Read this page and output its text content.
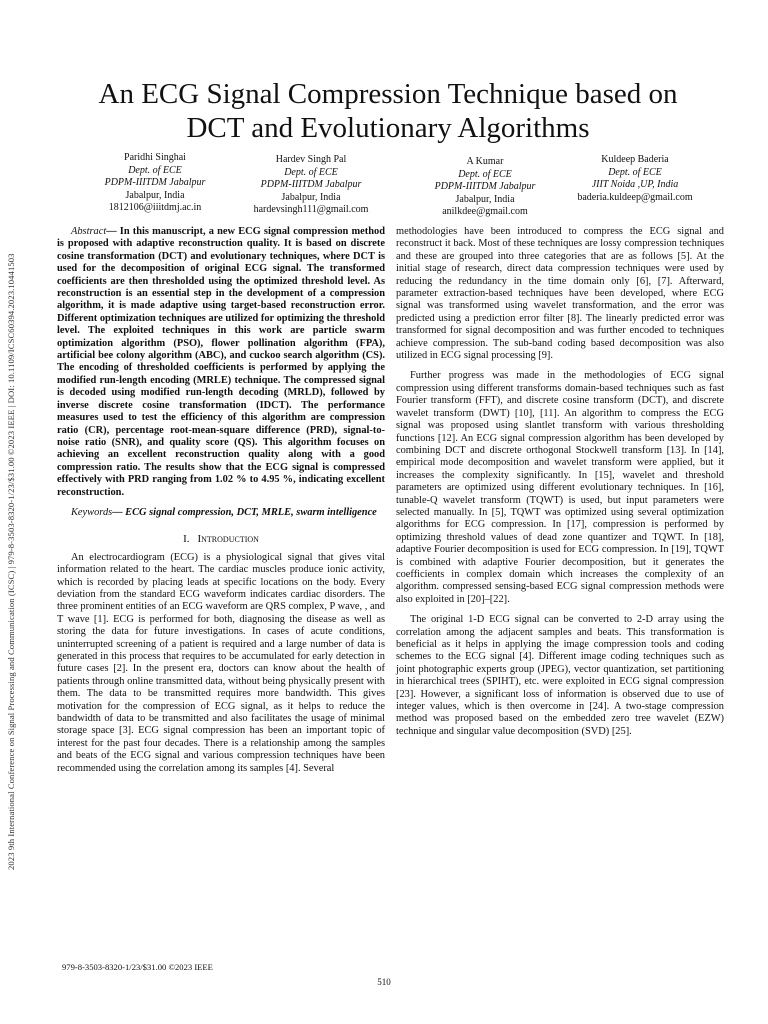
2023 9th International Conference on Signal Processing and Communication (ICSC) | 979-8-3503-8320-1/23/$31.00 ©2023 IEEE | DOI: 10.1109/ICSC60394.2023.10441503
An ECG Signal Compression Technique based on
DCT and Evolutionary Algorithms
Paridhi Singhai
Dept. of ECE
PDPM-IIITDM Jabalpur
Jabalpur, India
1812106@iiitdmj.ac.in
Hardev Singh Pal
Dept. of ECE
PDPM-IIITDM Jabalpur
Jabalpur, India
hardevsingh111@gmail.com
A Kumar
Dept. of ECE
PDPM-IIITDM Jabalpur
Jabalpur, India
anilkdee@gmail.com
Kuldeep Baderia
Dept. of ECE
JIIT Noida ,UP, India
baderia.kuldeep@gmail.com

Abstract— In this manuscript, a new ECG signal compression method is proposed with adaptive reconstruction quality. It is based on discrete cosine transformation (DCT) and evolutionary techniques, where DCT is used for the decomposition of original ECG signal. The transformed coefficients are then thresholded using the optimized threshold level. As reconstruction is an essential step in the development of a compression algorithm, it is made adaptive using target-based reconstruction error. Different optimization techniques are utilized for optimizing the threshold level. The exploited techniques in this work are particle swarm optimization algorithm (PSO), flower pollination algorithm (FPA), artificial bee colony algorithm (ABC), and cuckoo search algorithm (CS). The encoding of thresholded coefficients is performed by applying the modified run-length encoding (MRLE) technique. The compressed signal is decoded using modified run-length decoding (MRLD), followed by inverse discrete cosine transformation (IDCT). The performance measures used to test the efficiency of this algorithm are compression ratio (CR), percentage root-mean-square difference (PRD), signal-to-noise ratio (SNR), and quality score (QS). This algorithm focuses on achieving an excellent reconstruction quality along with a good compression ratio. The results show that the ECG signal is compressed effectively with PRD ranging from 1.02 % to 4.95 %, indicating excellent reconstruction.

Keywords— ECG signal compression, DCT, MRLE, swarm intelligence

I. Introduction

An electrocardiogram (ECG) is a physiological signal that gives vital information related to the heart. The cardiac muscles produce ionic activity, which is recorded by placing leads at specific locations on the body. Every deviation from the standard ECG waveform indicates cardiac disorders. The three prominent entities of an ECG waveform are QRS complex, P wave, , and T wave [1]. ECG is performed for both, diagnosing the disease as well as storing the data for future investigations. In cases of acute conditions, uninterrupted screening of a patient is required and a large number of data is generated in this process that requires to be accumulated for early detection in future cases [2]. In the present era, doctors can know about the health of patients through online transmitted data, without being physically present with them. The data to be transmitted requires more bandwidth. This gives motivation for the compression of ECG signal, as it helps to reduce the bandwidth of data to be transmitted and also facilitates the usage of minimal storage space [3]. ECG signal compression has been an important topic of interest for the past four decades. There is a relationship among the samples and beats of the ECG signal and various compression techniques have been recommended using the correlation among its samples [4]. Several

methodologies have been introduced to compress the ECG signal and reconstruct it back. Most of these techniques are lossy compression techniques and these are grouped into three categories that are as follows [5]. At the initial stage of research, direct data compression techniques were used by reducing the redundancy in the time domain only [6], [7]. Afterward, parameter extraction-based techniques have been developed, where ECG signal was transformed using wavelet transformation, and the error was predicted using a prediction error filter [8]. The linearly predicted error was transformed for signal decomposition and was further encoded to techniques achieve compression. The sub-band coding based decomposition was also utilized in ECG signal processing [9].

Further progress was made in the methodologies of ECG signal compression using different transforms domain-based techniques such as fast Fourier transform (FFT), and discrete cosine transform (DCT), and discrete wavelet transform (DWT) [10], [11]. An algorithm to compress the ECG signal was proposed using slantlet transform with various thresholding functions [12]. An ECG signal compression algorithm has been developed by combining DCT and discrete orthogonal Stockwell transform [13]. In [14], empirical mode decomposition and wavelet transform were applied, but it increases the complexity significantly. In [15], wavelet and threshold parameters are optimized using different evolutionary techniques. In [16], tunable-Q wavelet transform (TQWT) is used, but input parameters were selected manually. In [5], TQWT was optimized using several optimization algorithms for ECG compression. In [17], compression is performed by optimizing threshold values of dead zone quantizer and TQWT. In [18], adaptive Fourier decomposition is used for ECG compression. In [19], TQWT is combined with adaptive Fourier decomposition, but it generates the coefficients in complex domain which increases the complexity of an algorithm. compressed sensing-based ECG signal compression methods were also exploited in [20]–[22].

The original 1-D ECG signal can be converted to 2-D array using the correlation among the adjacent samples and beats. This transformation is beneficial as it helps in applying the image compression tools and coding schemes to the ECG signal [4]. Different image coding techniques such as joint photographic experts group (JPEG), vector quantization, set partitioning in hierarchical trees (SPIHT), etc. were exploited in ECG signal compression [23]. However, a significant loss of information is observed due to use of integer values, which is then overcome in [24]. A two-stage compression method was proposed based on the embedded zero tree wavelet (EZW) technique and singular value decomposition (SVD) [25].

979-8-3503-8320-1/23/$31.00 ©2023 IEEE
510
